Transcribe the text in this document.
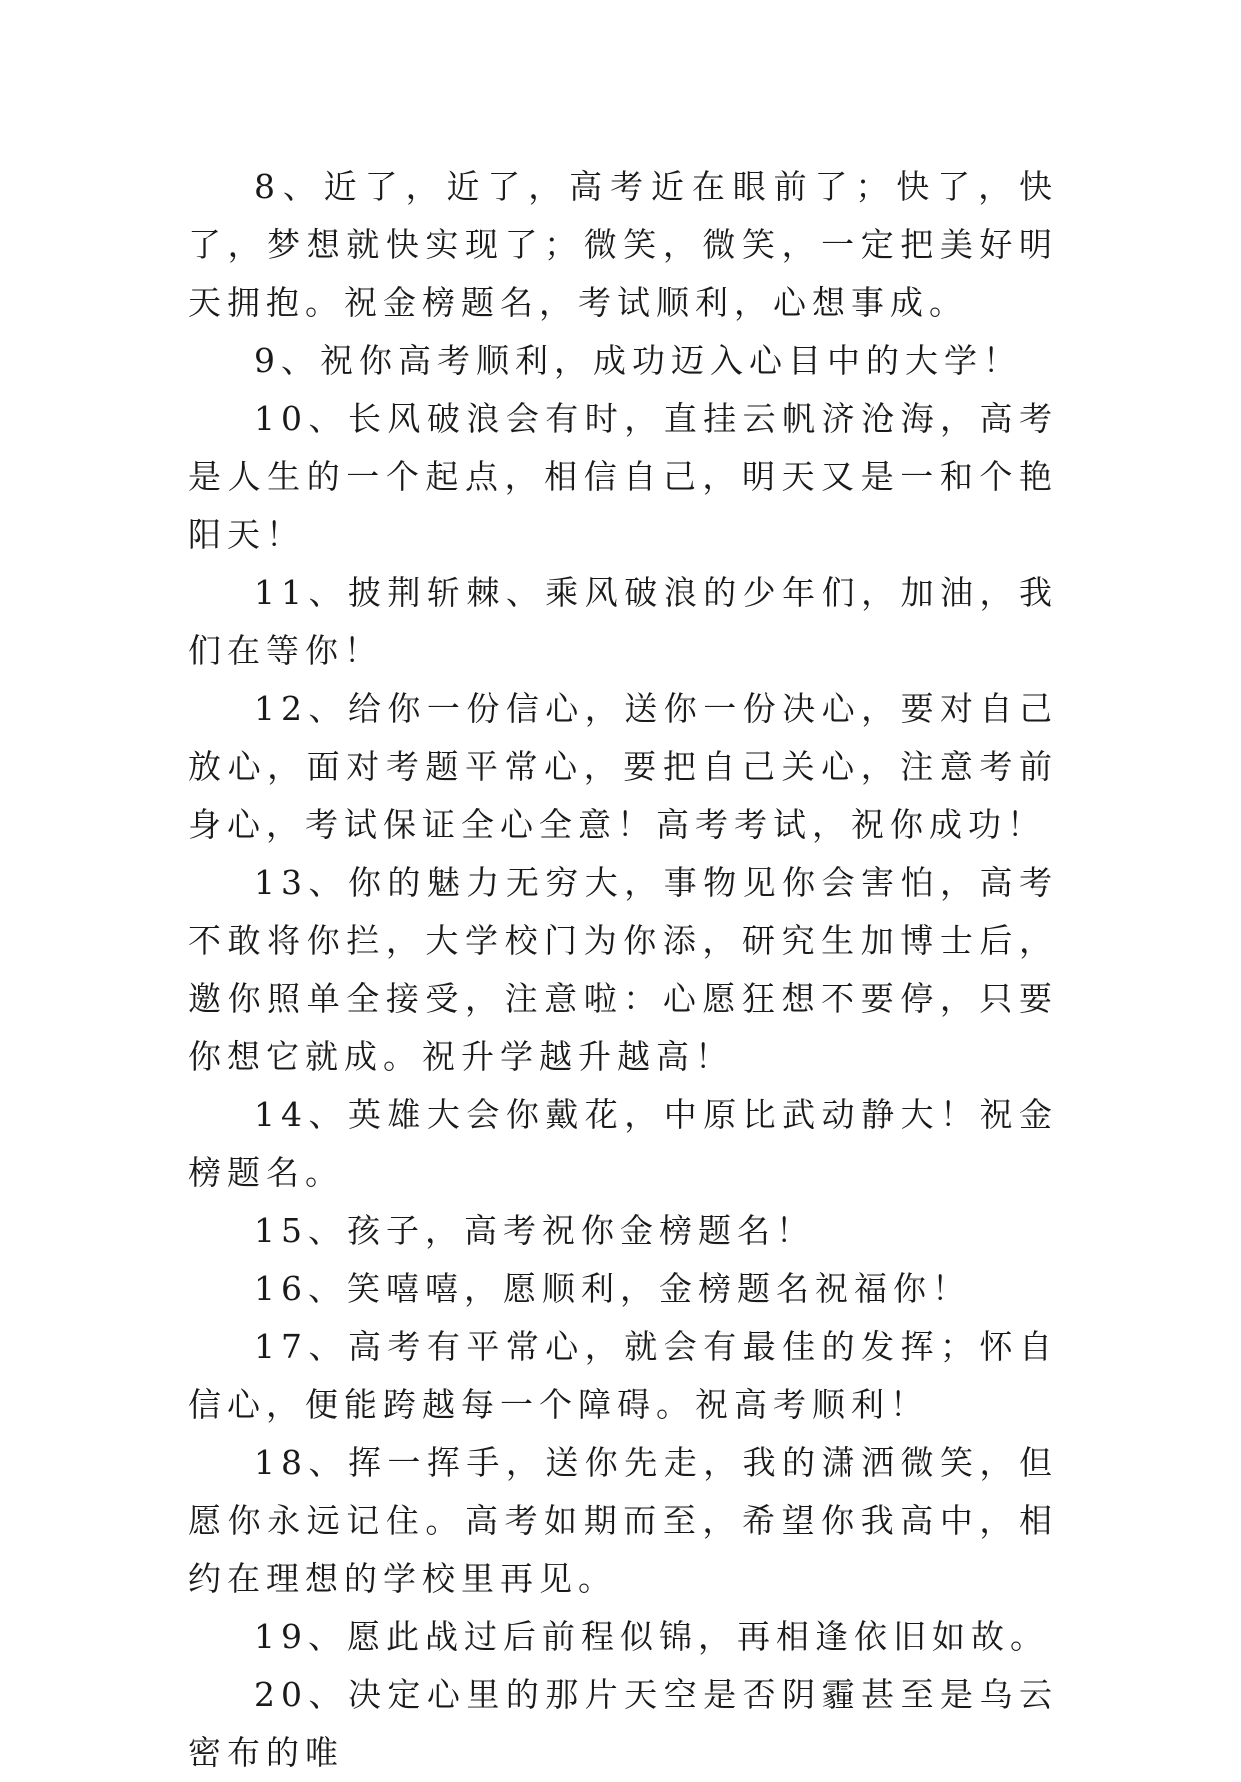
8、近了，近了，高考近在眼前了；快了，快了，梦想就快实现了；微笑，微笑，一定把美好明天拥抱。祝金榜题名，考试顺利，心想事成。

9、祝你高考顺利，成功迈入心目中的大学！

10、长风破浪会有时，直挂云帆济沧海，高考是人生的一个起点，相信自己，明天又是一和个艳阳天！

11、披荆斩棘、乘风破浪的少年们，加油，我们在等你！

12、给你一份信心，送你一份决心，要对自己放心，面对考题平常心，要把自己关心，注意考前身心，考试保证全心全意！高考考试，祝你成功！

13、你的魅力无穷大，事物见你会害怕，高考不敢将你拦，大学校门为你添，研究生加博士后，邀你照单全接受，注意啦：心愿狂想不要停，只要你想它就成。祝升学越升越高！

14、英雄大会你戴花，中原比武动静大！祝金榜题名。

15、孩子，高考祝你金榜题名！

16、笑嘻嘻，愿顺利，金榜题名祝福你！

17、高考有平常心，就会有最佳的发挥；怀自信心，便能跨越每一个障碍。祝高考顺利！

18、挥一挥手，送你先走，我的潇洒微笑，但愿你永远记住。高考如期而至，希望你我高中，相约在理想的学校里再见。

19、愿此战过后前程似锦，再相逢依旧如故。

20、决定心里的那片天空是否阴霾甚至是乌云密布的唯
